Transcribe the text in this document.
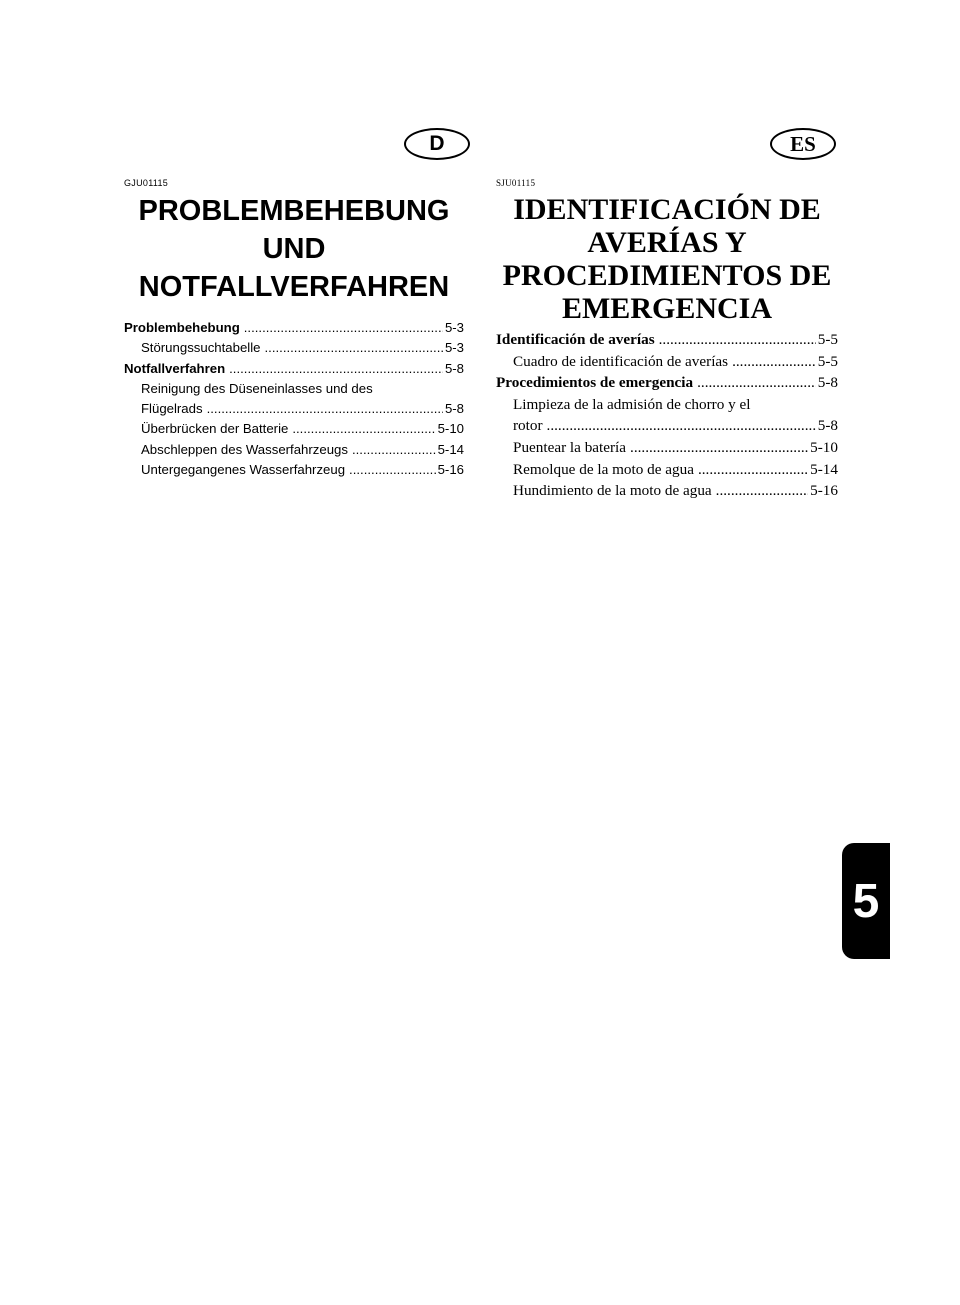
D	ES
GJU01115
PROBLEMBEHEBUNG
UND
NOTFALLVERFAHREN
Problembehebung .....	5-3
Störungssuchtabelle .....	5-3
Notfallverfahren .....	5-8
Reinigung des Düseneinlasses und des
Flügelrads .....	5-8
Überbrücken der Batterie .....	5-10
Abschleppen des Wasserfahrzeugs .....	5-14
Untergegangenes Wasserfahrzeug .....	5-16
SJU01115
IDENTIFICACIÓN DE
AVERÍAS Y
PROCEDIMIENTOS DE
EMERGENCIA
Identificación de averías .....	5-5
Cuadro de identificación de averías .....	5-5
Procedimientos de emergencia .....	5-8
Limpieza de la admisión de chorro y el
rotor .....	5-8
Puentear la batería .....	5-10
Remolque de la moto de agua .....	5-14
Hundimiento de la moto de agua .....	5-16
5
